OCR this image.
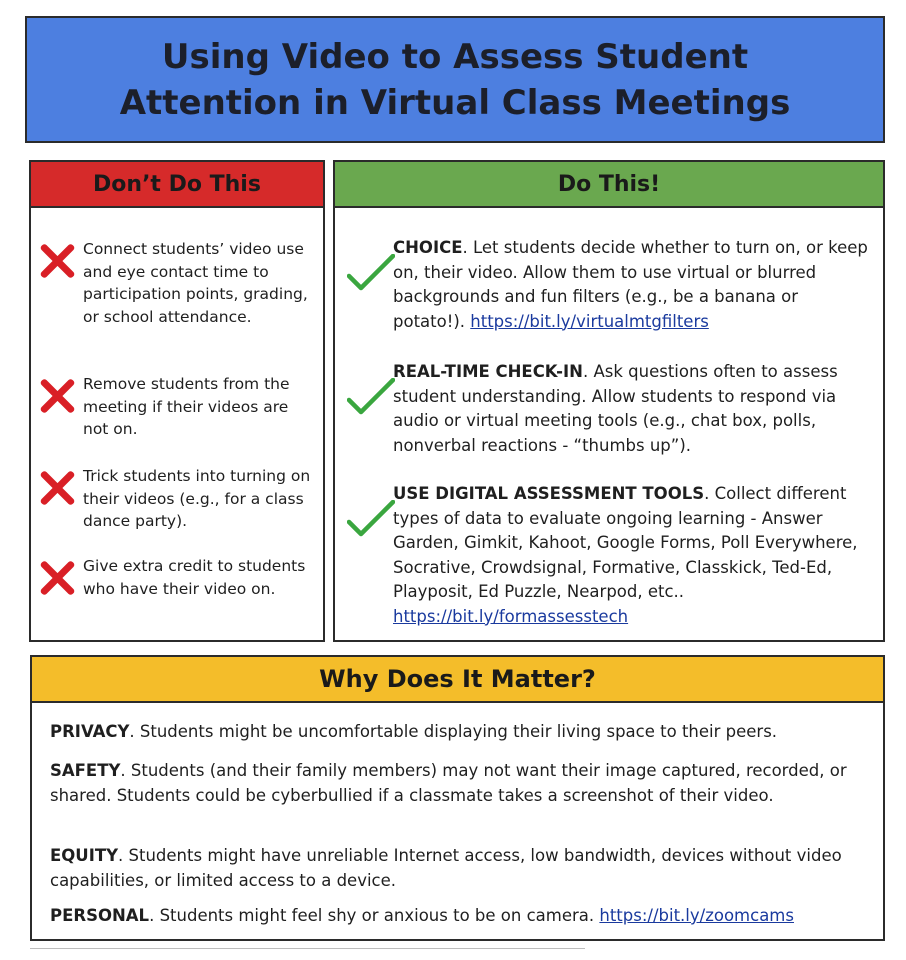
Using Video to Assess Student
Attention in Virtual Class Meetings
Don’t Do This
Connect students’ video use and eye contact time to participation points, grading, or school attendance.
Remove students from the meeting if their videos are not on.
Trick students into turning on their videos (e.g., for a class dance party).
Give extra credit to students who have their video on.
Do This!
CHOICE. Let students decide whether to turn on, or keep on, their video. Allow them to use virtual or blurred backgrounds and fun filters (e.g., be a banana or potato!). https://bit.ly/virtualmtgfilters
REAL-TIME CHECK-IN. Ask questions often to assess student understanding. Allow students to respond via audio or virtual meeting tools (e.g., chat box, polls, nonverbal reactions - “thumbs up”).
USE DIGITAL ASSESSMENT TOOLS. Collect different types of data to evaluate ongoing learning - Answer Garden, Gimkit, Kahoot, Google Forms, Poll Everywhere, Socrative, Crowdsignal, Formative, Classkick, Ted-Ed, Playposit, Ed Puzzle, Nearpod, etc.. https://bit.ly/formassesstech
Why Does It Matter?
PRIVACY. Students might be uncomfortable displaying their living space to their peers.
SAFETY. Students (and their family members) may not want their image captured, recorded, or shared. Students could be cyberbullied if a classmate takes a screenshot of their video.
EQUITY. Students might have unreliable Internet access, low bandwidth, devices without video capabilities, or limited access to a device.
PERSONAL. Students might feel shy or anxious to be on camera. https://bit.ly/zoomcams
